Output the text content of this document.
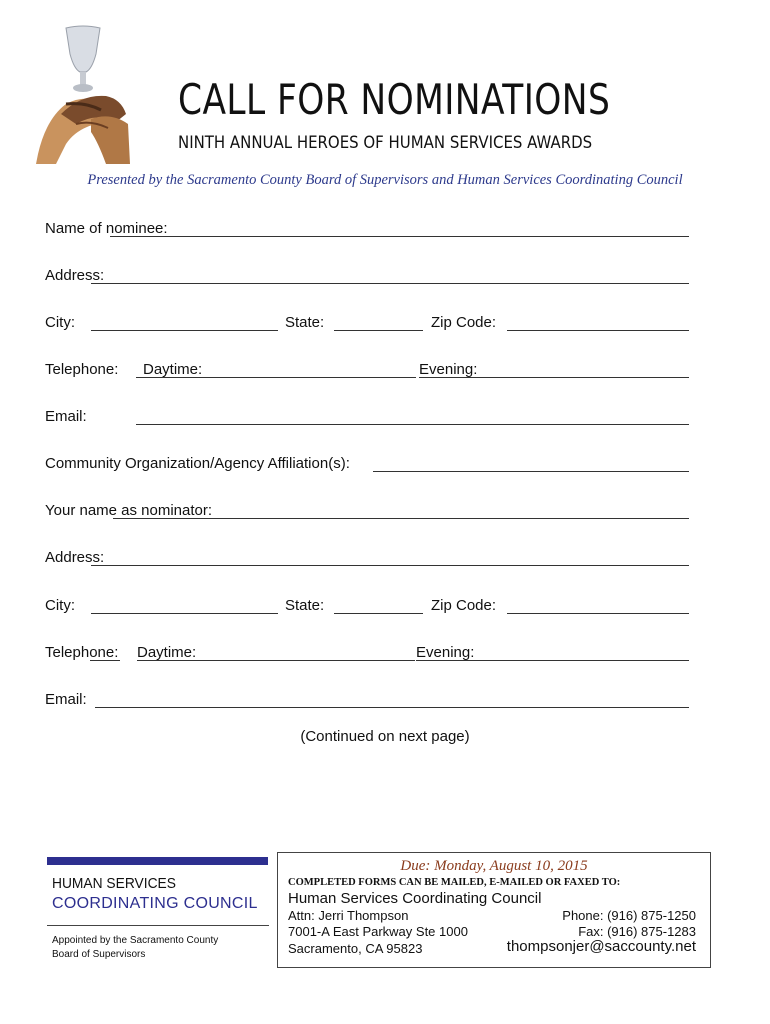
CALL FOR NOMINATIONS
NINTH ANNUAL HEROES OF HUMAN SERVICES AWARDS
Presented by the Sacramento County Board of Supervisors and Human Services Coordinating Council
Name of nominee:
Address:
City:	State:	Zip Code:
Telephone: Daytime:	Evening:
Email:
Community Organization/Agency Affiliation(s):
Your name as nominator:
Address:
City:	State:	Zip Code:
Telephone: Daytime:	Evening:
Email:
(Continued on next page)
HUMAN SERVICES
COORDINATING COUNCIL
Appointed by the Sacramento County
Board of Supervisors
Due: Monday, August 10, 2015
COMPLETED FORMS CAN BE MAILED, E-MAILED OR FAXED TO:
Human Services Coordinating Council
Attn: Jerri Thompson
7001-A East Parkway Ste 1000
Sacramento, CA 95823
Phone: (916) 875-1250
Fax: (916) 875-1283
thompsonjer@saccounty.net
